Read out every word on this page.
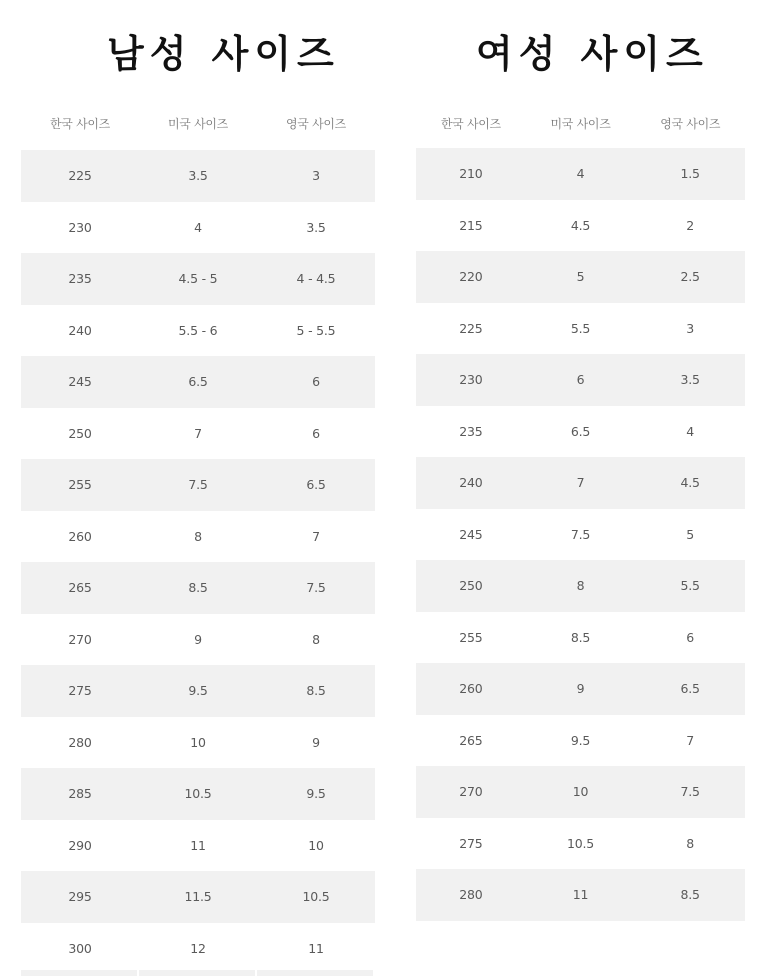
남성 사이즈
한국 사이즈	미국 사이즈	영국 사이즈
225	3.5	3
230	4	3.5
235	4.5 - 5	4 - 4.5
240	5.5 - 6	5 - 5.5
245	6.5	6
250	7	6
255	7.5	6.5
260	8	7
265	8.5	7.5
270	9	8
275	9.5	8.5
280	10	9
285	10.5	9.5
290	11	10
295	11.5	10.5
300	12	11
여성 사이즈
한국 사이즈	미국 사이즈	영국 사이즈
210	4	1.5
215	4.5	2
220	5	2.5
225	5.5	3
230	6	3.5
235	6.5	4
240	7	4.5
245	7.5	5
250	8	5.5
255	8.5	6
260	9	6.5
265	9.5	7
270	10	7.5
275	10.5	8
280	11	8.5
